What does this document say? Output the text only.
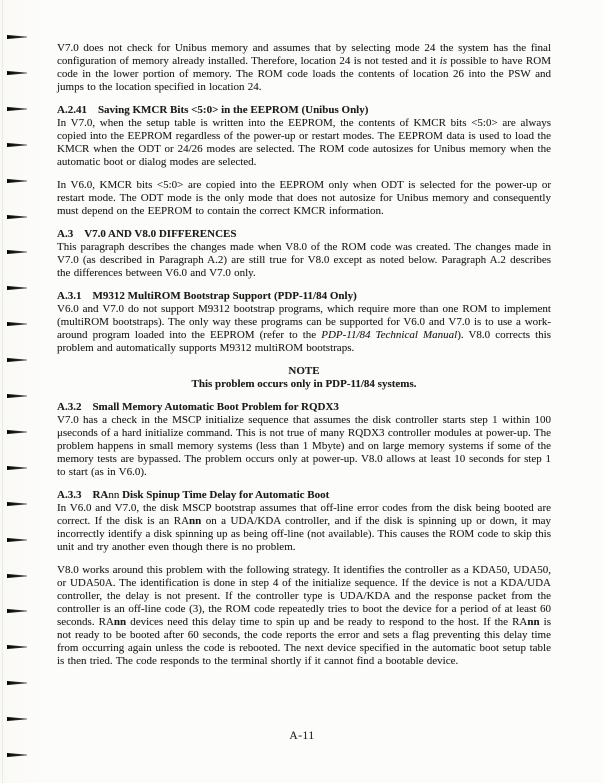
V7.0 does not check for Unibus memory and assumes that by selecting mode 24 the system has the final configuration of memory already installed. Therefore, location 24 is not tested and it is possible to have ROM code in the lower portion of memory. The ROM code loads the contents of location 26 into the PSW and jumps to the location specified in location 24.

A.2.41 Saving KMCR Bits <5:0> in the EEPROM (Unibus Only)

In V7.0, when the setup table is written into the EEPROM, the contents of KMCR bits <5:0> are always copied into the EEPROM regardless of the power-up or restart modes. The EEPROM data is used to load the KMCR when the ODT or 24/26 modes are selected. The ROM code autosizes for Unibus memory when the automatic boot or dialog modes are selected.

In V6.0, KMCR bits <5:0> are copied into the EEPROM only when ODT is selected for the power-up or restart mode. The ODT mode is the only mode that does not autosize for Unibus memory and consequently must depend on the EEPROM to contain the correct KMCR information.

A.3 V7.0 AND V8.0 DIFFERENCES

This paragraph describes the changes made when V8.0 of the ROM code was created. The changes made in V7.0 (as described in Paragraph A.2) are still true for V8.0 except as noted below. Paragraph A.2 describes the differences between V6.0 and V7.0 only.

A.3.1 M9312 MultiROM Bootstrap Support (PDP-11/84 Only)

V6.0 and V7.0 do not support M9312 bootstrap programs, which require more than one ROM to implement (multiROM bootstraps). The only way these programs can be supported for V6.0 and V7.0 is to use a work-around program loaded into the EEPROM (refer to the PDP-11/84 Technical Manual). V8.0 corrects this problem and automatically supports M9312 multiROM bootstraps.

NOTE
This problem occurs only in PDP-11/84 systems.
A.3.2 Small Memory Automatic Boot Problem for RQDX3

V7.0 has a check in the MSCP initialize sequence that assumes the disk controller starts step 1 within 100 μseconds of a hard initialize command. This is not true of many RQDX3 controller modules at power-up. The problem happens in small memory systems (less than 1 Mbyte) and on large memory systems if some of the memory tests are bypassed. The problem occurs only at power-up. V8.0 allows at least 10 seconds for step 1 to start (as in V6.0).

A.3.3 RAnn Disk Spinup Time Delay for Automatic Boot

In V6.0 and V7.0, the disk MSCP bootstrap assumes that off-line error codes from the disk being booted are correct. If the disk is an RAnn on a UDA/KDA controller, and if the disk is spinning up or down, it may incorrectly identify a disk spinning up as being off-line (not available). This causes the ROM code to skip this unit and try another even though there is no problem.

V8.0 works around this problem with the following strategy. It identifies the controller as a KDA50, UDA50, or UDA50A. The identification is done in step 4 of the initialize sequence. If the device is not a KDA/UDA controller, the delay is not present. If the controller type is UDA/KDA and the response packet from the controller is an off-line code (3), the ROM code repeatedly tries to boot the device for a period of at least 60 seconds. RAnn devices need this delay time to spin up and be ready to respond to the host. If the RAnn is not ready to be booted after 60 seconds, the code reports the error and sets a flag preventing this delay time from occurring again unless the code is rebooted. The next device specified in the automatic boot setup table is then tried. The code responds to the terminal shortly if it cannot find a bootable device.

A-11
